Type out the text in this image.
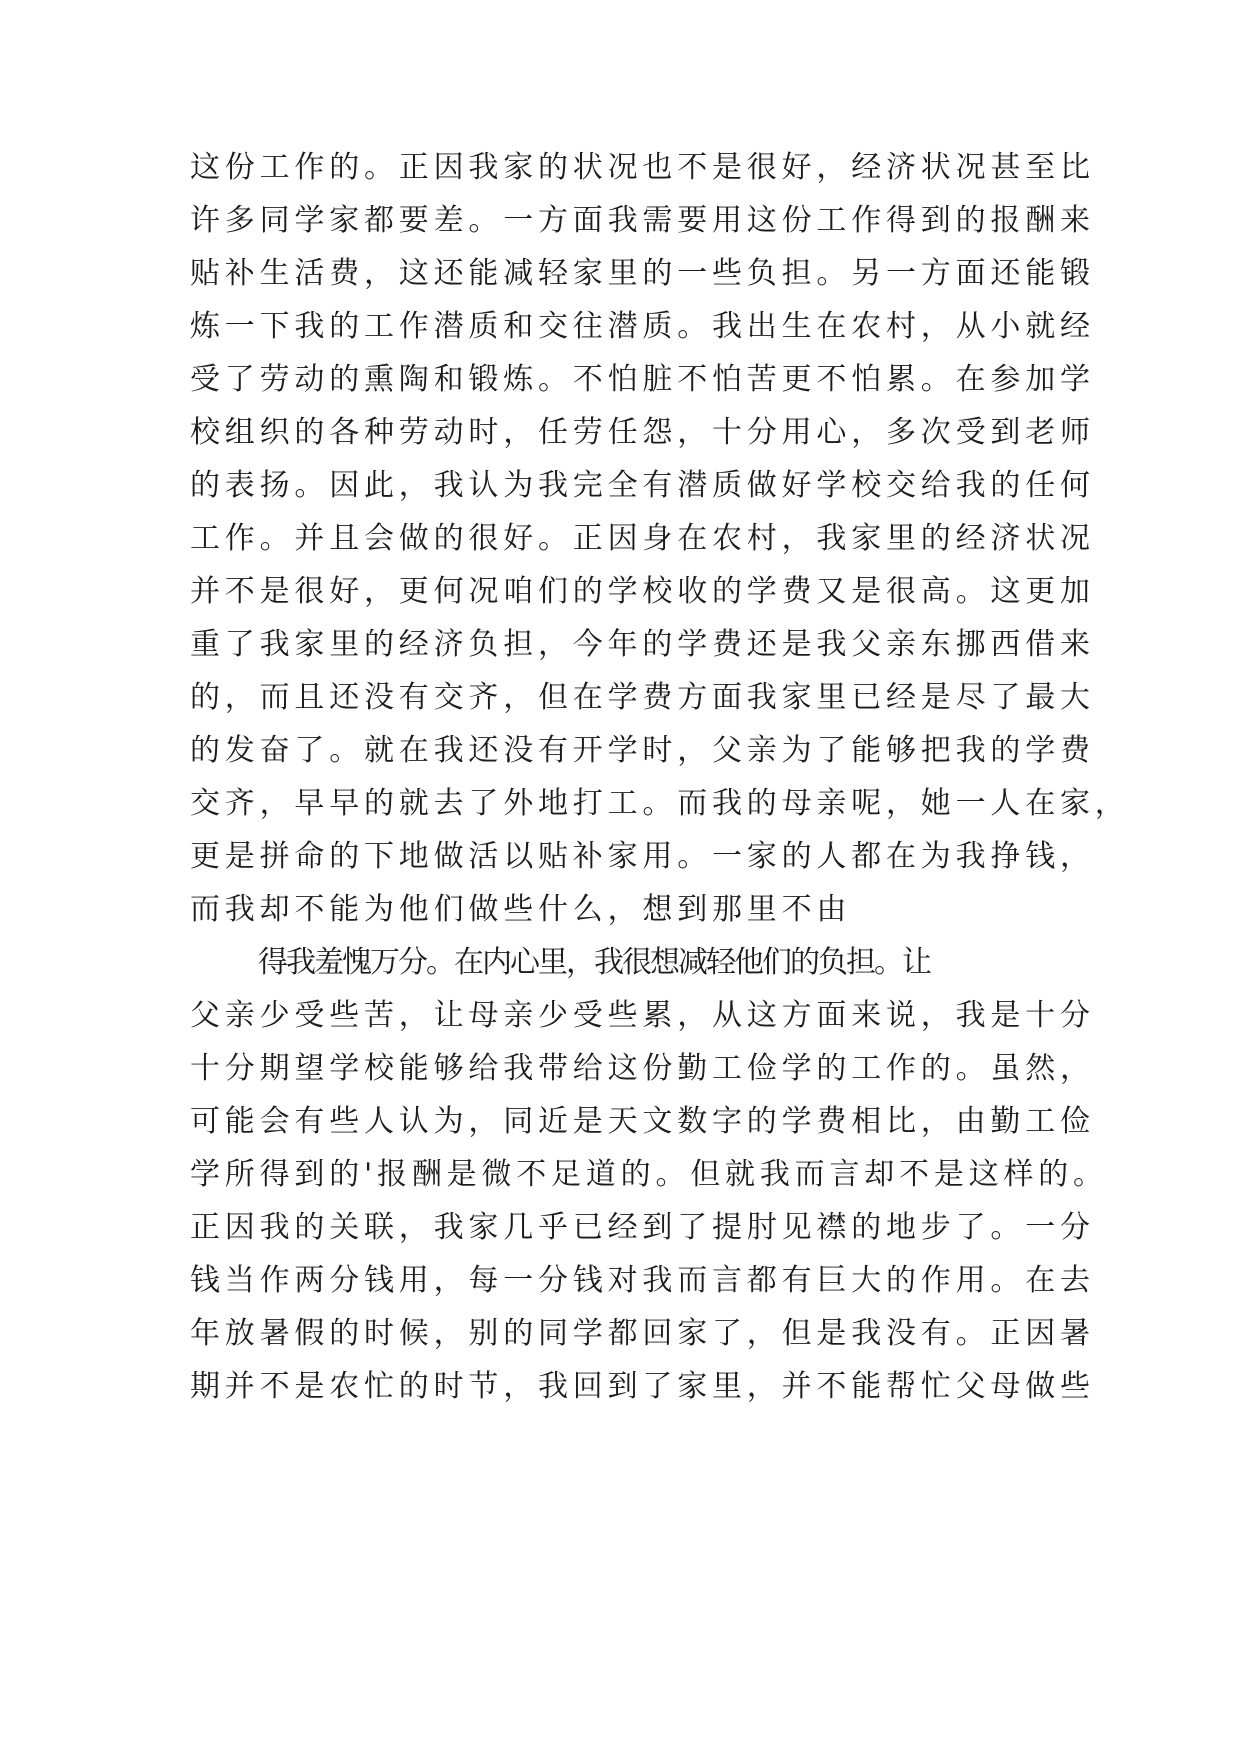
这份工作的。正因我家的状况也不是很好，经济状况甚至比
许多同学家都要差。一方面我需要用这份工作得到的报酬来
贴补生活费，这还能减轻家里的一些负担。另一方面还能锻
炼一下我的工作潜质和交往潜质。我出生在农村，从小就经
受了劳动的熏陶和锻炼。不怕脏不怕苦更不怕累。在参加学
校组织的各种劳动时，任劳任怨，十分用心，多次受到老师
的表扬。因此，我认为我完全有潜质做好学校交给我的任何
工作。并且会做的很好。正因身在农村，我家里的经济状况
并不是很好，更何况咱们的学校收的学费又是很高。这更加
重了我家里的经济负担，今年的学费还是我父亲东挪西借来
的，而且还没有交齐，但在学费方面我家里已经是尽了最大
的发奋了。就在我还没有开学时，父亲为了能够把我的学费
交齐，早早的就去了外地打工。而我的母亲呢，她一人在家，
更是拼命的下地做活以贴补家用。一家的人都在为我挣钱，
而我却不能为他们做些什么，想到那里不由
得我羞愧万分。在内心里，我很想减轻他们的负担。让
父亲少受些苦，让母亲少受些累，从这方面来说，我是十分
十分期望学校能够给我带给这份勤工俭学的工作的。虽然，
可能会有些人认为，同近是天文数字的学费相比，由勤工俭
学所得到的'报酬是微不足道的。但就我而言却不是这样的。
正因我的关联，我家几乎已经到了提肘见襟的地步了。一分
钱当作两分钱用，每一分钱对我而言都有巨大的作用。在去
年放暑假的时候，别的同学都回家了，但是我没有。正因暑
期并不是农忙的时节，我回到了家里，并不能帮忙父母做些
